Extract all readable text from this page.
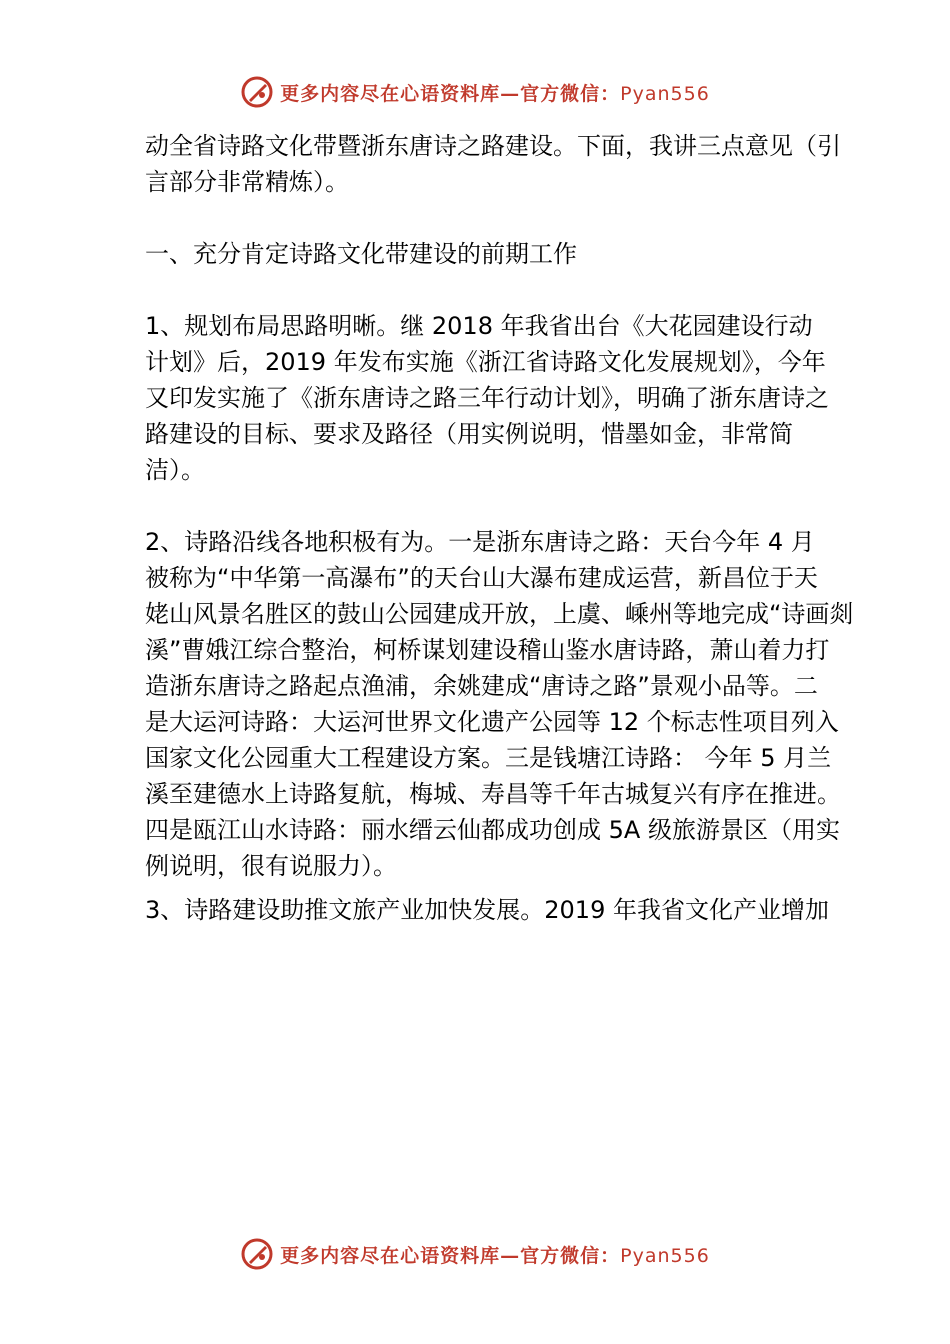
更多内容尽在心语资料库—官方微信：Pyan556

动全省诗路文化带暨浙东唐诗之路建设。下面，我讲三点意见（引

言部分非常精炼）。

一、充分肯定诗路文化带建设的前期工作

1、规划布局思路明晰。继 2018 年我省出台《大花园建设行动

计划》后，2019 年发布实施《浙江省诗路文化发展规划》，今年

又印发实施了《浙东唐诗之路三年行动计划》，明确了浙东唐诗之

路建设的目标、要求及路径（用实例说明，惜墨如金，非常简

洁）。

2、诗路沿线各地积极有为。一是浙东唐诗之路：天台今年 4 月

被称为“中华第一高瀑布”的天台山大瀑布建成运营，新昌位于天

姥山风景名胜区的鼓山公园建成开放，上虞、嵊州等地完成“诗画剡

溪”曹娥江综合整治，柯桥谋划建设稽山鉴水唐诗路，萧山着力打

造浙东唐诗之路起点渔浦，余姚建成“唐诗之路”景观小品等。二

是大运河诗路：大运河世界文化遗产公园等 12 个标志性项目列入

国家文化公园重大工程建设方案。三是钱塘江诗路： 今年 5 月兰

溪至建德水上诗路复航，梅城、寿昌等千年古城复兴有序在推进。

四是瓯江山水诗路：丽水缙云仙都成功创成 5A 级旅游景区（用实

例说明，很有说服力）。

3、诗路建设助推文旅产业加快发展。2019 年我省文化产业增加

更多内容尽在心语资料库—官方微信：Pyan556
